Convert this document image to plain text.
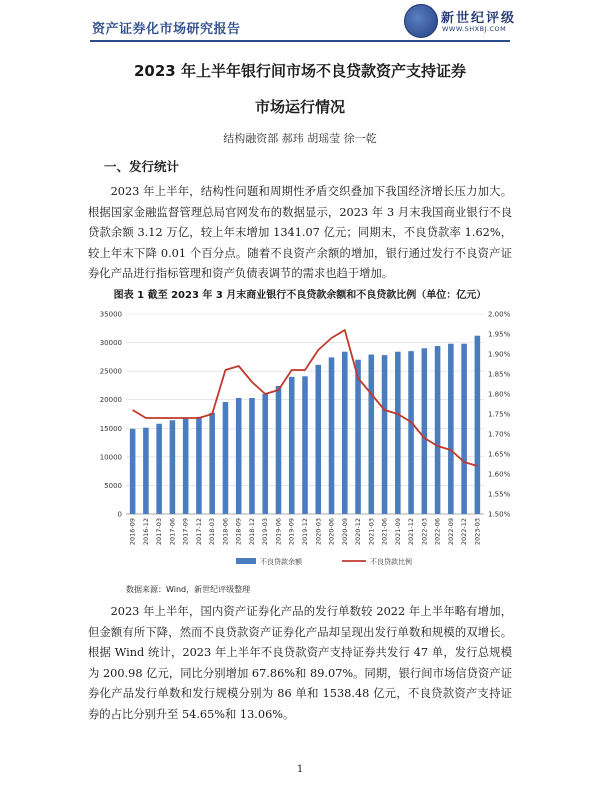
资产证券化市场研究报告
新世纪评级
WWW.SHXBJ.COM
2023 年上半年银行间市场不良贷款资产支持证券
市场运行情况
结构融资部 郝玮 胡瑶莹 徐一乾
一、发行统计
2023 年上半年，结构性问题和周期性矛盾交织叠加下我国经济增长压力加大。根据国家金融监督管理总局官网发布的数据显示，2023 年 3 月末我国商业银行不良贷款余额 3.12 万亿，较上年末增加 1341.07 亿元；同期末，不良贷款率 1.62%，较上年末下降 0.01 个百分点。随着不良资产余额的增加，银行通过发行不良资产证券化产品进行指标管理和资产负债表调节的需求也趋于增加。
图表 1 截至 2023 年 3 月末商业银行不良贷款余额和不良贷款比例（单位：亿元）
0
5000
10000
15000
20000
25000
30000
35000
1.50%
1.55%
1.60%
1.65%
1.70%
1.75%
1.80%
1.85%
1.90%
1.95%
2.00%
2016-09 2016-12 2017-03 2017-06 2017-09 2017-12 2018-03 2018-06 2018-09 2018-12 2019-03 2019-06 2019-09 2019-12 2020-03 2020-06 2020-09 2020-12 2021-03 2021-06 2021-09 2021-12 2022-03 2022-06 2022-09 2022-12 2023-03
不良贷款余额	不良贷款比例
数据来源：Wind，新世纪评级整理
2023 年上半年，国内资产证券化产品的发行单数较 2022 年上半年略有增加，但金额有所下降，然而不良贷款资产证券化产品却呈现出发行单数和规模的双增长。根据 Wind 统计，2023 年上半年不良贷款资产支持证券共发行 47 单，发行总规模为 200.98 亿元，同比分别增加 67.86%和 89.07%。同期，银行间市场信贷资产证券化产品发行单数和发行规模分别为 86 单和 1538.48 亿元，不良贷款资产支持证券的占比分别升至 54.65%和 13.06%。
1
